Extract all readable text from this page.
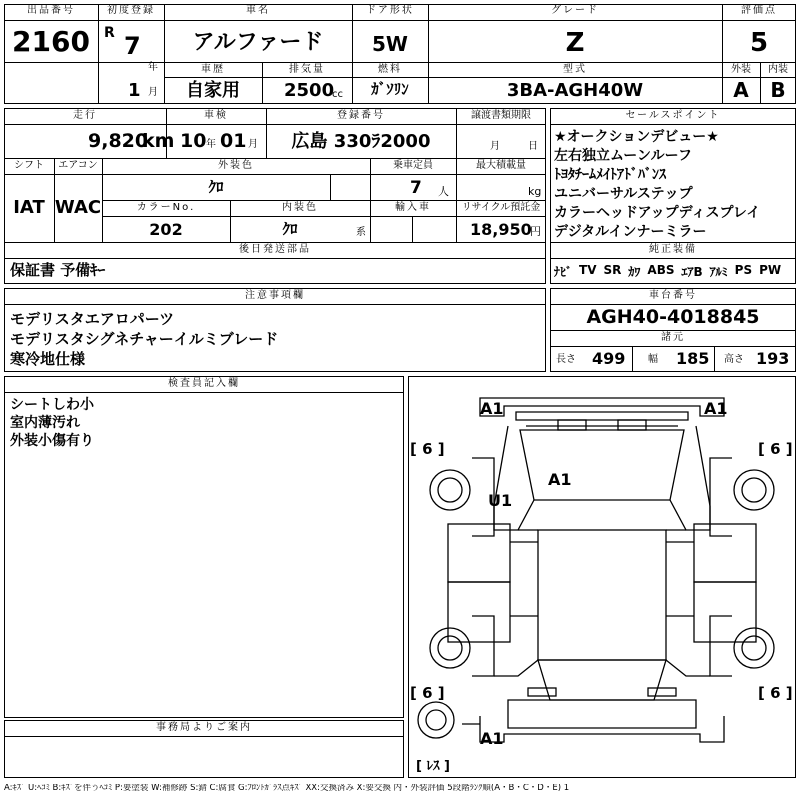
出品番号
2160
初度登録
R 7
年
1 月
車名
アルファード
ドア形状
5W
グレード
Z
評価点
5
車歴
自家用
排気量
2500
cc
燃料
ｶﾞｿﾘﾝ
型式
3BA-AGH40W
外装	内装
A	B
走行
9,820
km
車検
10 年 01 月
登録番号
広島 330ﾗ2000
譲渡書類期限
月	日
シフト	エアコン
IAT WAC
外装色
ｸﾛ
乗車定員
7 人
最大積載量
kg
カラーNo.
202
内装色
ｸﾛ	系
輸入車	リサイクル預託金
18,950
円
後日発送部品
保証書 予備ｷｰ
セールスポイント
★オークションデビュー★
左右独立ムーンルーフ
ﾄﾖﾀﾁｰﾑﾒｲﾄｱﾄﾞﾊﾞﾝｽ
ユニバーサルステップ
カラーヘッドアップディスプレイ
デジタルインナーミラー
純正装備
ﾅﾋﾞ TV SR ｶﾜ ABS ｴｱB ｱﾙﾐ PS PW
注意事項欄
モデリスタエアロパーツ
モデリスタシグネチャーイルミブレード
寒冷地仕様
車台番号
AGH40-4018845
諸元
長さ 499 幅 185 高さ 193
検査員記入欄
シートしわ小
室内薄汚れ
外装小傷有り
事務局よりご案内
A1	A1
A1
U1
A1
[ 6 ]	[ 6 ]
[ 6 ]	[ 6 ]
[ ﾚｽ ]
A:ｷｽﾞ U:ﾍｺﾐ B:ｷｽﾞを伴うﾍｺﾐ P:要塗装 W:補修跡 S:錆 C:腐食 G:ﾌﾛﾝﾄｶﾞﾗｽ点ｷｽﾞ XX:交換済み X:要交換 内・外装評価 5段階ﾗﾝｸ順(A・B・C・D・E) 1
